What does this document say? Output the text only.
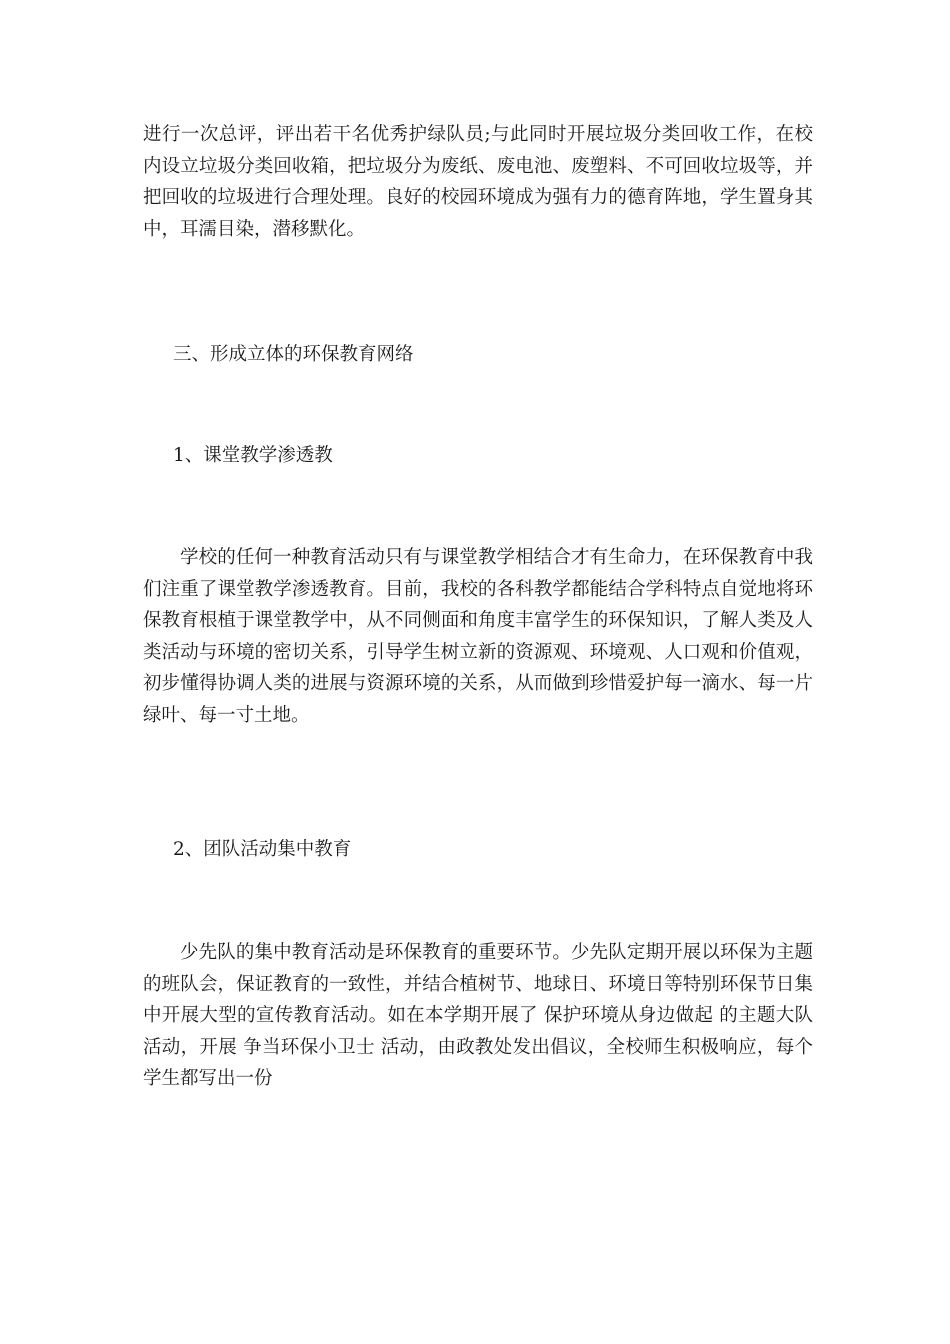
进行一次总评，评出若干名优秀护绿队员;与此同时开展垃圾分类回收工作，在校内设立垃圾分类回收箱，把垃圾分为废纸、废电池、废塑料、不可回收垃圾等，并把回收的垃圾进行合理处理。良好的校园环境成为强有力的德育阵地，学生置身其中，耳濡目染，潜移默化。

三、形成立体的环保教育网络

1、课堂教学渗透教

学校的任何一种教育活动只有与课堂教学相结合才有生命力，在环保教育中我们注重了课堂教学渗透教育。目前，我校的各科教学都能结合学科特点自觉地将环保教育根植于课堂教学中，从不同侧面和角度丰富学生的环保知识，了解人类及人类活动与环境的密切关系，引导学生树立新的资源观、环境观、人口观和价值观，初步懂得协调人类的进展与资源环境的关系，从而做到珍惜爱护每一滴水、每一片绿叶、每一寸土地。

2、团队活动集中教育

少先队的集中教育活动是环保教育的重要环节。少先队定期开展以环保为主题的班队会，保证教育的一致性，并结合植树节、地球日、环境日等特别环保节日集中开展大型的宣传教育活动。如在本学期开展了 保护环境从身边做起 的主题大队活动，开展 争当环保小卫士 活动，由政教处发出倡议，全校师生积极响应，每个学生都写出一份
